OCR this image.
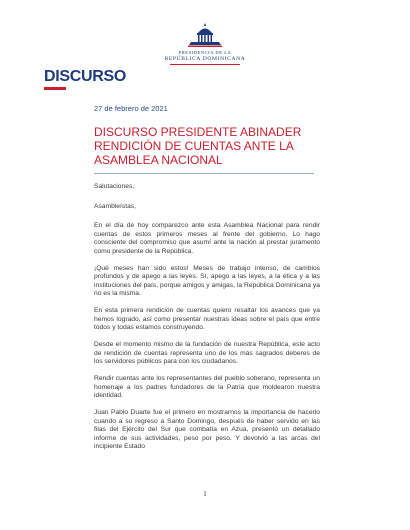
PRESIDENCIA DE LA
REPÚBLICA DOMINICANA
DISCURSO
27 de febrero de 2021
DISCURSO PRESIDENTE ABINADER RENDICIÓN DE CUENTAS ANTE LA ASAMBLEA NACIONAL

Salutaciones,

Asambleístas,

En el día de hoy comparezco ante esta Asamblea Nacional para rendir cuentas de estos primeros meses al frente del gobierno. Lo hago consciente del compromiso que asumí ante la nación al prestar juramento como presidente de la República.

¡Qué meses han sido estos! Meses de trabajo intenso, de cambios profundos y de apego a las leyes. Sí, apego a las leyes, a la ética y a las instituciones del país, porque amigos y amigas, la República Dominicana ya no es la misma.

En esta primera rendición de cuentas quiero resaltar los avances que ya hemos logrado, así como presentar nuestras ideas sobre el país que entre todos y todas estamos construyendo.

Desde el momento mismo de la fundación de nuestra República, este acto de rendición de cuentas representa uno de los más sagrados deberes de los servidores públicos para con los ciudadanos.

Rendir cuentas ante los representantes del pueblo soberano, representa un homenaje a los padres fundadores de la Patria que moldearon nuestra identidad.

Juan Pablo Duarte fue el primero en mostrarnos la importancia de hacerlo cuando a su regreso a Santo Domingo, después de haber servido en las filas del Ejército del Sur que combatía en Azua, presentó un detallado informe de sus actividades, peso por peso. Y devolvió a las arcas del incipiente Estado

1
